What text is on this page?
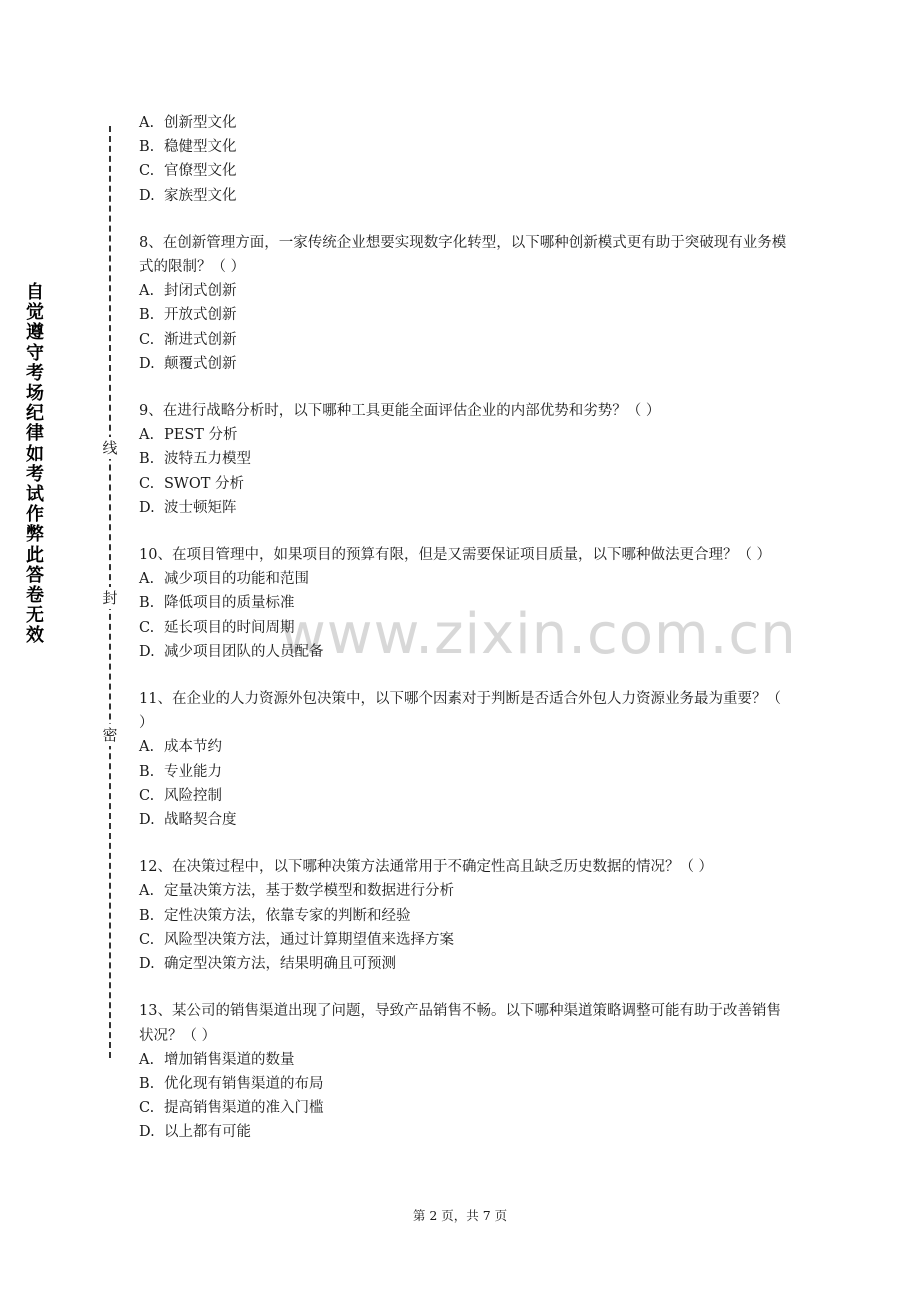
自觉遵守考场纪律如考试作弊此答卷无效
线
封
密
www.zixin.com.cn
A. 创新型文化
B. 稳健型文化
C. 官僚型文化
D. 家族型文化
8、在创新管理方面，一家传统企业想要实现数字化转型，以下哪种创新模式更有助于突破现有业务模式的限制？（ ）
A. 封闭式创新
B. 开放式创新
C. 渐进式创新
D. 颠覆式创新
9、在进行战略分析时，以下哪种工具更能全面评估企业的内部优势和劣势？（ ）
A. PEST 分析
B. 波特五力模型
C. SWOT 分析
D. 波士顿矩阵
10、在项目管理中，如果项目的预算有限，但是又需要保证项目质量，以下哪种做法更合理？（ ）
A. 减少项目的功能和范围
B. 降低项目的质量标准
C. 延长项目的时间周期
D. 减少项目团队的人员配备
11、在企业的人力资源外包决策中，以下哪个因素对于判断是否适合外包人力资源业务最为重要？（ ）
A. 成本节约
B. 专业能力
C. 风险控制
D. 战略契合度
12、在决策过程中，以下哪种决策方法通常用于不确定性高且缺乏历史数据的情况？（ ）
A. 定量决策方法，基于数学模型和数据进行分析
B. 定性决策方法，依靠专家的判断和经验
C. 风险型决策方法，通过计算期望值来选择方案
D. 确定型决策方法，结果明确且可预测
13、某公司的销售渠道出现了问题，导致产品销售不畅。以下哪种渠道策略调整可能有助于改善销售状况？（ ）
A. 增加销售渠道的数量
B. 优化现有销售渠道的布局
C. 提高销售渠道的准入门槛
D. 以上都有可能
第 2 页，共 7 页
